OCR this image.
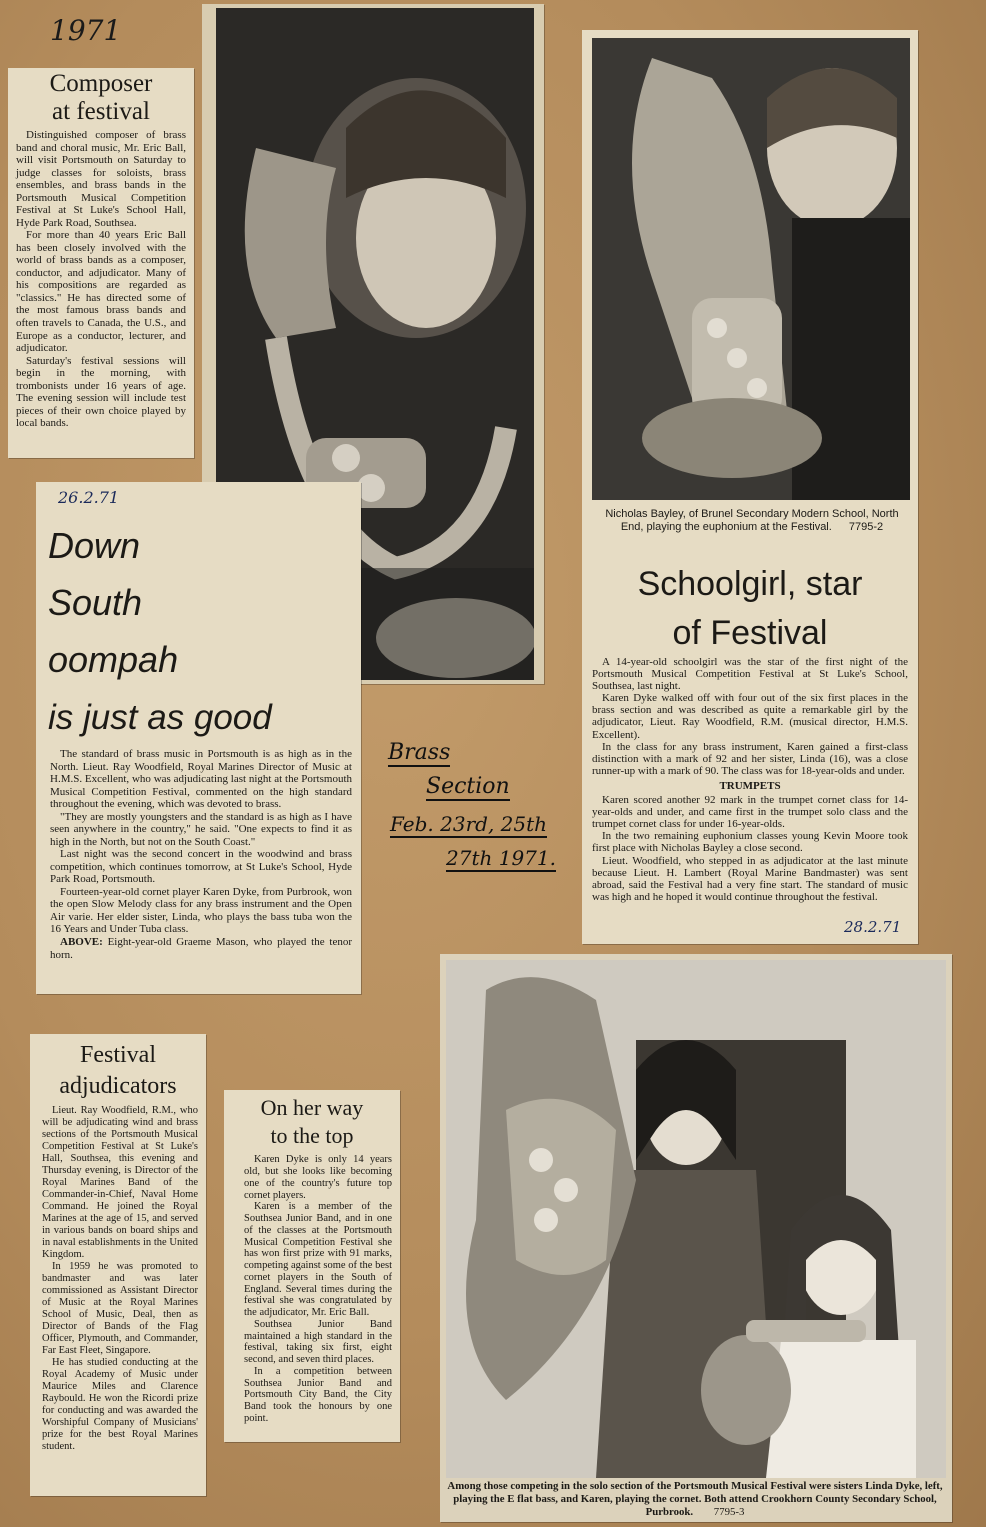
1971
Composer
at festival

Distinguished composer of brass band and choral music, Mr. Eric Ball, will visit Portsmouth on Saturday to judge classes for soloists, brass ensembles, and brass bands in the Portsmouth Musical Competition Festival at St Luke's School Hall, Hyde Park Road, Southsea.

For more than 40 years Eric Ball has been closely involved with the world of brass bands as a composer, conductor, and adjudicator. Many of his compositions are regarded as "classics." He has directed some of the most famous brass bands and often travels to Canada, the U.S., and Europe as a conductor, lecturer, and adjudicator.

Saturday's festival sessions will begin in the morning, with trombonists under 16 years of age. The evening session will include test pieces of their own choice played by local bands.

26.2.71
Down
South
oompah
is just as good

The standard of brass music in Portsmouth is as high as in the North. Lieut. Ray Woodfield, Royal Marines Director of Music at H.M.S. Excellent, who was adjudicating last night at the Portsmouth Musical Competition Festival, commented on the high standard throughout the evening, which was devoted to brass.

"They are mostly youngsters and the standard is as high as I have seen anywhere in the country," he said. "One expects to find it as high in the North, but not on the South Coast."

Last night was the second concert in the woodwind and brass competition, which continues tomorrow, at St Luke's School, Hyde Park Road, Portsmouth.

Fourteen-year-old cornet player Karen Dyke, from Purbrook, won the open Slow Melody class for any brass instrument and the Open Air varie. Her elder sister, Linda, who plays the bass tuba won the 16 Years and Under Tuba class.

ABOVE: Eight-year-old Graeme Mason, who played the tenor horn.

Brass
Section
Feb. 23rd, 25th
27th 1971.
Nicholas Bayley, of Brunel Secondary Modern School, North End, playing the euphonium at the Festival. 7795-2
Schoolgirl, star
of Festival

A 14-year-old schoolgirl was the star of the first night of the Portsmouth Musical Competition Festival at St Luke's School, Southsea, last night.

Karen Dyke walked off with four out of the six first places in the brass section and was described as quite a remarkable girl by the adjudicator, Lieut. Ray Woodfield, R.M. (musical director, H.M.S. Excellent).

In the class for any brass instrument, Karen gained a first-class distinction with a mark of 92 and her sister, Linda (16), was a close runner-up with a mark of 90. The class was for 18-year-olds and under.

TRUMPETS

Karen scored another 92 mark in the trumpet cornet class for 14-year-olds and under, and came first in the trumpet solo class and the trumpet cornet class for under 16-year-olds.

In the two remaining euphonium classes young Kevin Moore took first place with Nicholas Bayley a close second.

Lieut. Woodfield, who stepped in as adjudicator at the last minute because Lieut. H. Lambert (Royal Marine Bandmaster) was sent abroad, said the Festival had a very fine start. The standard of music was high and he hoped it would continue throughout the festival.

28.2.71
Festival
adjudicators

Lieut. Ray Woodfield, R.M., who will be adjudicating wind and brass sections of the Portsmouth Musical Competition Festival at St Luke's Hall, Southsea, this evening and Thursday evening, is Director of the Royal Marines Band of the Commander-in-Chief, Naval Home Command. He joined the Royal Marines at the age of 15, and served in various bands on board ships and in naval establishments in the United Kingdom.

In 1959 he was promoted to bandmaster and was later commissioned as Assistant Director of Music at the Royal Marines School of Music, Deal, then as Director of Bands of the Flag Officer, Plymouth, and Commander, Far East Fleet, Singapore.

He has studied conducting at the Royal Academy of Music under Maurice Miles and Clarence Raybould. He won the Ricordi prize for conducting and was awarded the Worshipful Company of Musicians' prize for the best Royal Marines student.

On her way
to the top

Karen Dyke is only 14 years old, but she looks like becoming one of the country's future top cornet players.

Karen is a member of the Southsea Junior Band, and in one of the classes at the Portsmouth Musical Competition Festival she has won first prize with 91 marks, competing against some of the best cornet players in the South of England. Several times during the festival she was congratulated by the adjudicator, Mr. Eric Ball.

Southsea Junior Band maintained a high standard in the festival, taking six first, eight second, and seven third places.

In a competition between Southsea Junior Band and Portsmouth City Band, the City Band took the honours by one point.

Among those competing in the solo section of the Portsmouth Musical Festival were sisters Linda Dyke, left, playing the E flat bass, and Karen, playing the cornet. Both attend Crookhorn County Secondary School, Purbrook. 7795-3
